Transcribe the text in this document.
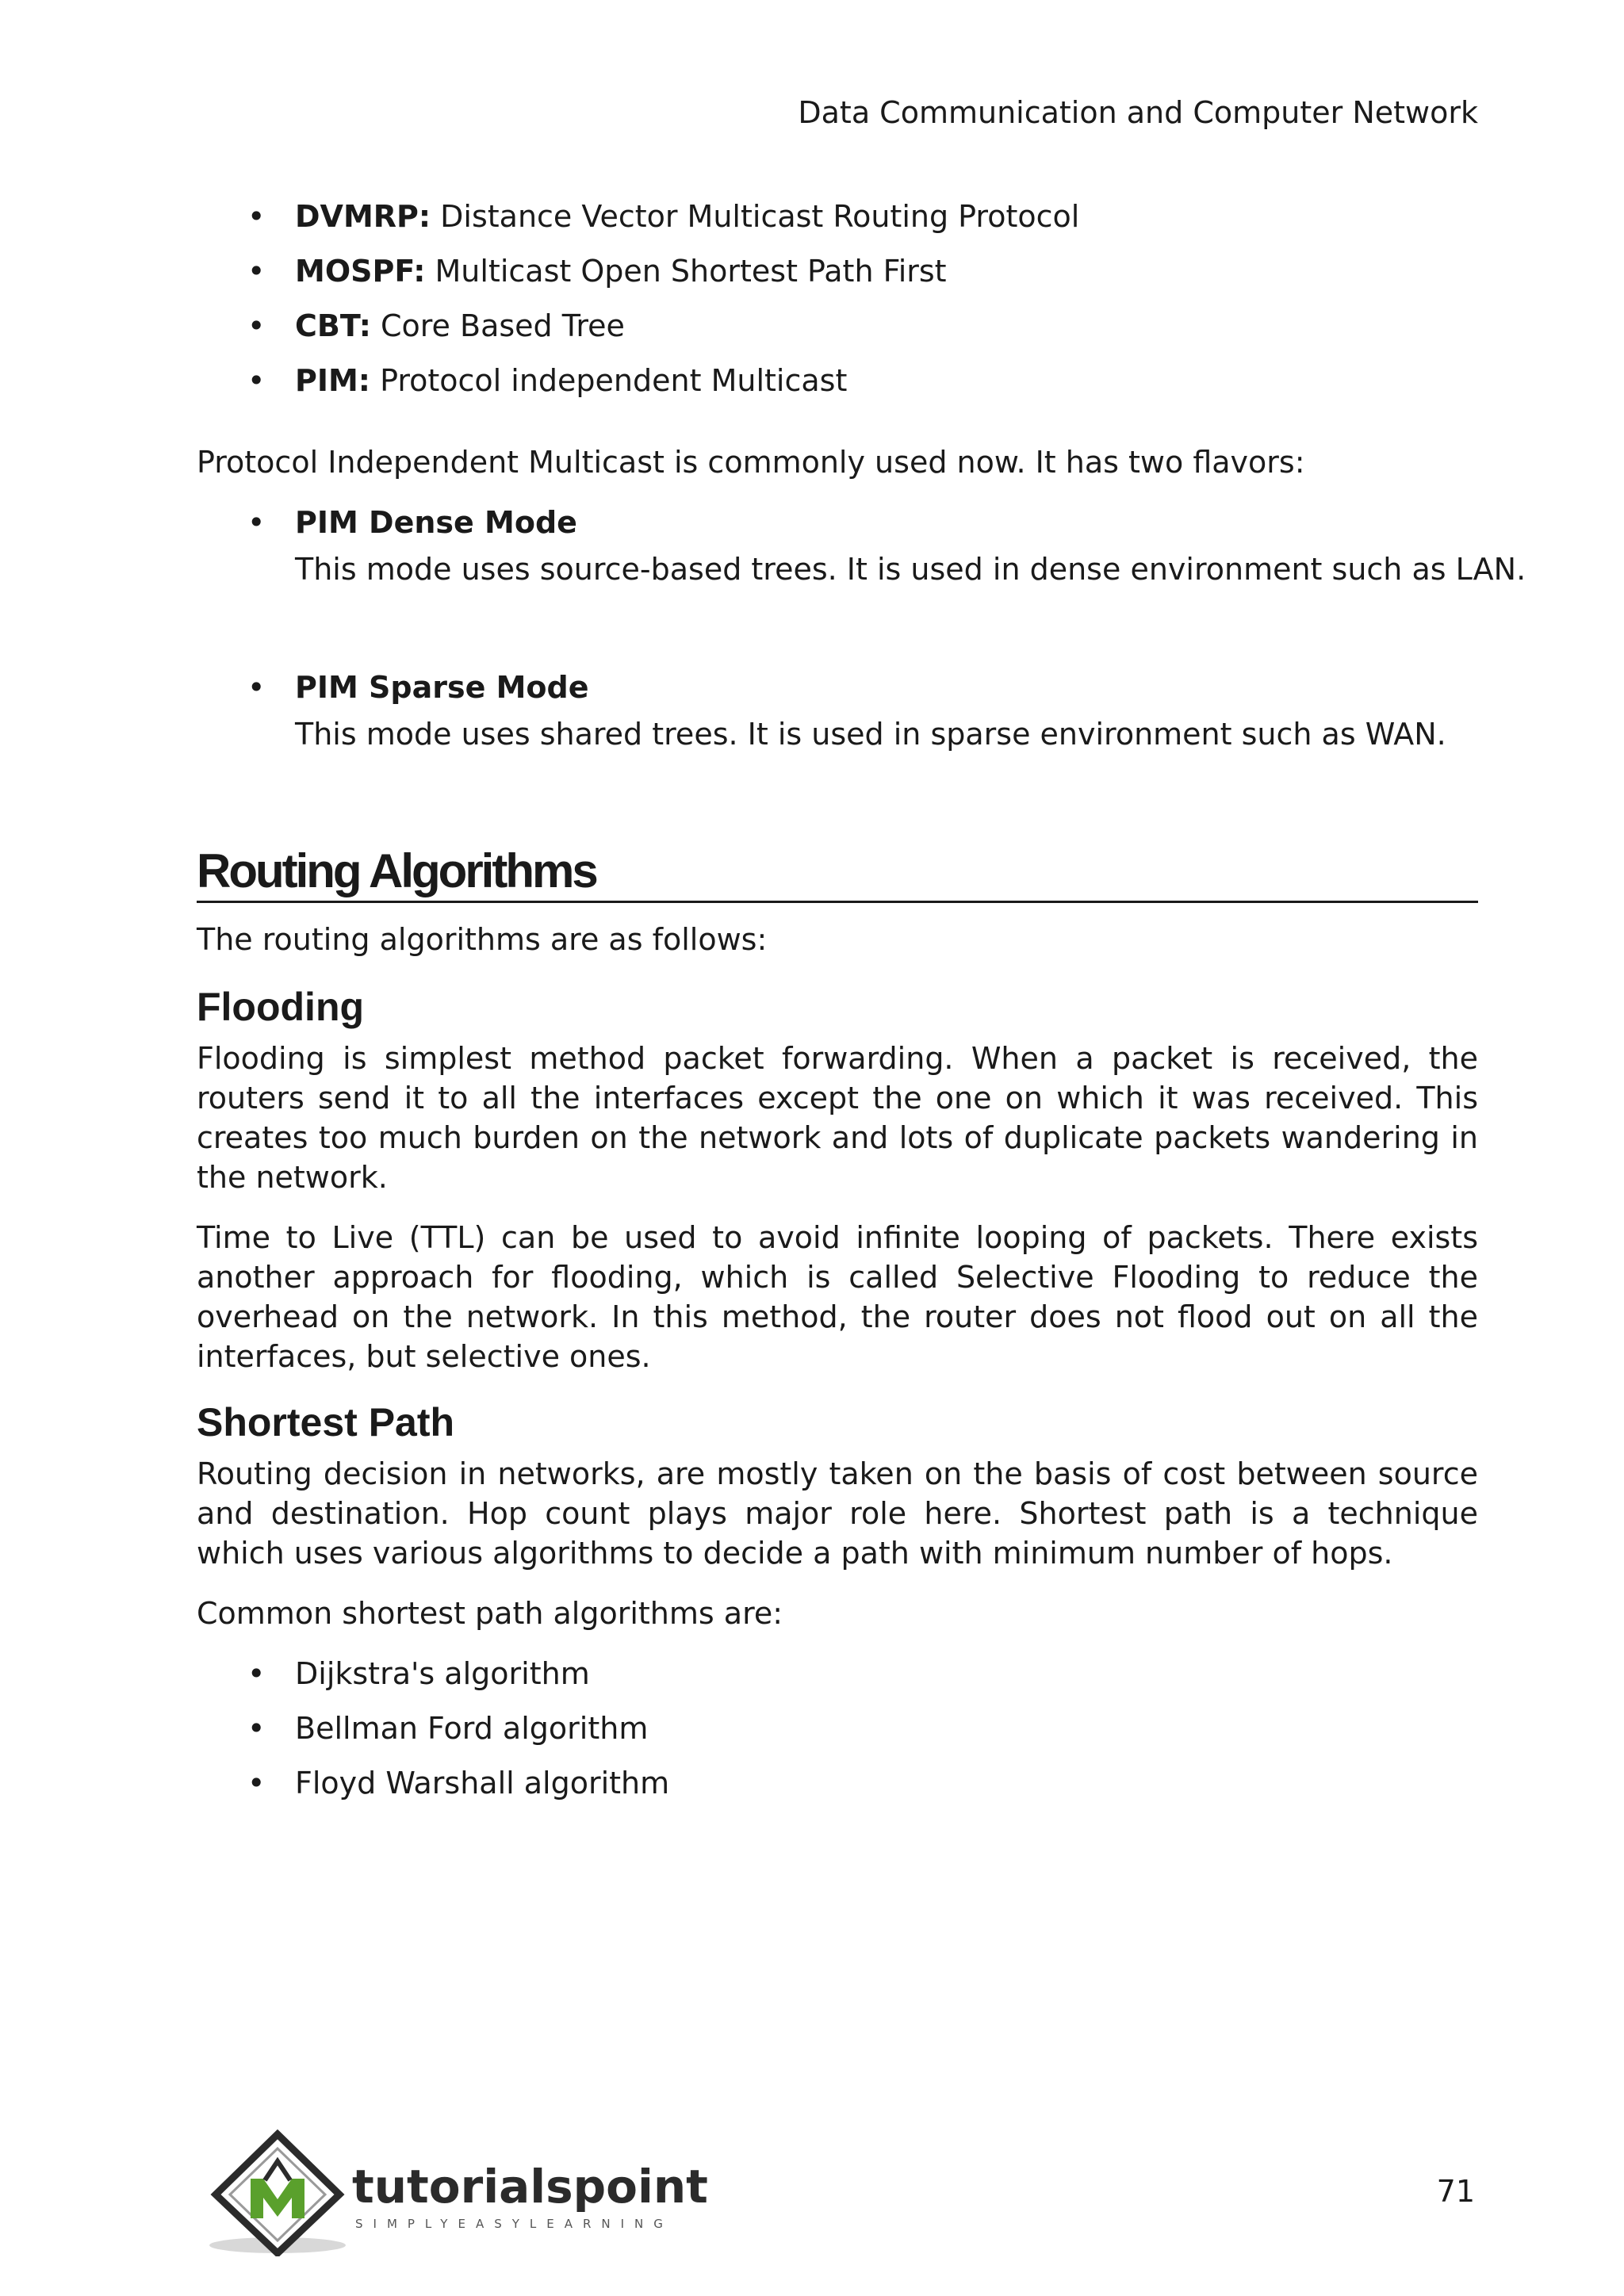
Data Communication and Computer Network
• DVMRP: Distance Vector Multicast Routing Protocol
• MOSPF: Multicast Open Shortest Path First
• CBT: Core Based Tree
• PIM: Protocol independent Multicast

Protocol Independent Multicast is commonly used now. It has two flavors:

• PIM Dense Mode

This mode uses source-based trees. It is used in dense environment such as LAN.

• PIM Sparse Mode

This mode uses shared trees. It is used in sparse environment such as WAN.

Routing Algorithms

The routing algorithms are as follows:

Flooding

Flooding is simplest method packet forwarding. When a packet is received, the routers send it to all the interfaces except the one on which it was received. This creates too much burden on the network and lots of duplicate packets wandering in the network.

Time to Live (TTL) can be used to avoid infinite looping of packets. There exists another approach for flooding, which is called Selective Flooding to reduce the overhead on the network. In this method, the router does not flood out on all the interfaces, but selective ones.

Shortest Path

Routing decision in networks, are mostly taken on the basis of cost between source and destination. Hop count plays major role here. Shortest path is a technique which uses various algorithms to decide a path with minimum number of hops.

Common shortest path algorithms are:

• Dijkstra's algorithm
• Bellman Ford algorithm
• Floyd Warshall algorithm
tutorialspoint
SIMPLYEASYLEARNING
71
